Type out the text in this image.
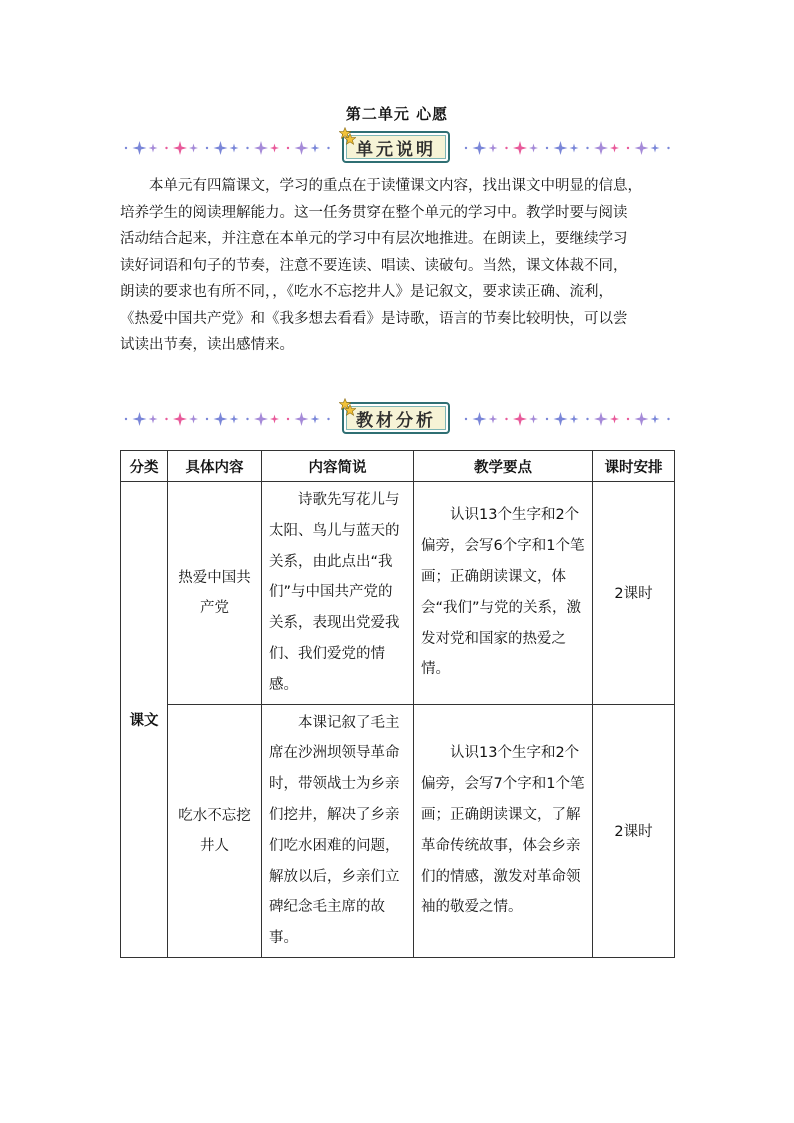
第二单元 心愿
单元说明
本单元有四篇课文，学习的重点在于读懂课文内容，找出课文中明显的信息，
培养学生的阅读理解能力。这一任务贯穿在整个单元的学习中。教学时要与阅读
活动结合起来，并注意在本单元的学习中有层次地推进。在朗读上，要继续学习
读好词语和句子的节奏，注意不要连读、唱读、读破句。当然，课文体裁不同，
朗读的要求也有所不同，，《吃水不忘挖井人》是记叙文，要求读正确、流利，
《热爱中国共产党》和《我多想去看看》是诗歌，语言的节奏比较明快，可以尝
试读出节奏，读出感情来。
教材分析
分类	具体内容	内容简说	教学要点	课时安排
课文	热爱中国共产党	诗歌先写花儿与太阳、鸟儿与蓝天的关系，由此点出“我们”与中国共产党的关系，表现出党爱我们、我们爱党的情感。	认识13个生字和2个偏旁，会写6个字和1个笔画；正确朗读课文，体会“我们”与党的关系，激发对党和国家的热爱之情。	2课时
	吃水不忘挖井人	本课记叙了毛主席在沙洲坝领导革命时，带领战士为乡亲们挖井，解决了乡亲们吃水困难的问题，解放以后，乡亲们立碑纪念毛主席的故事。	认识13个生字和2个偏旁，会写7个字和1个笔画；正确朗读课文，了解革命传统故事，体会乡亲们的情感，激发对革命领袖的敬爱之情。	2课时
